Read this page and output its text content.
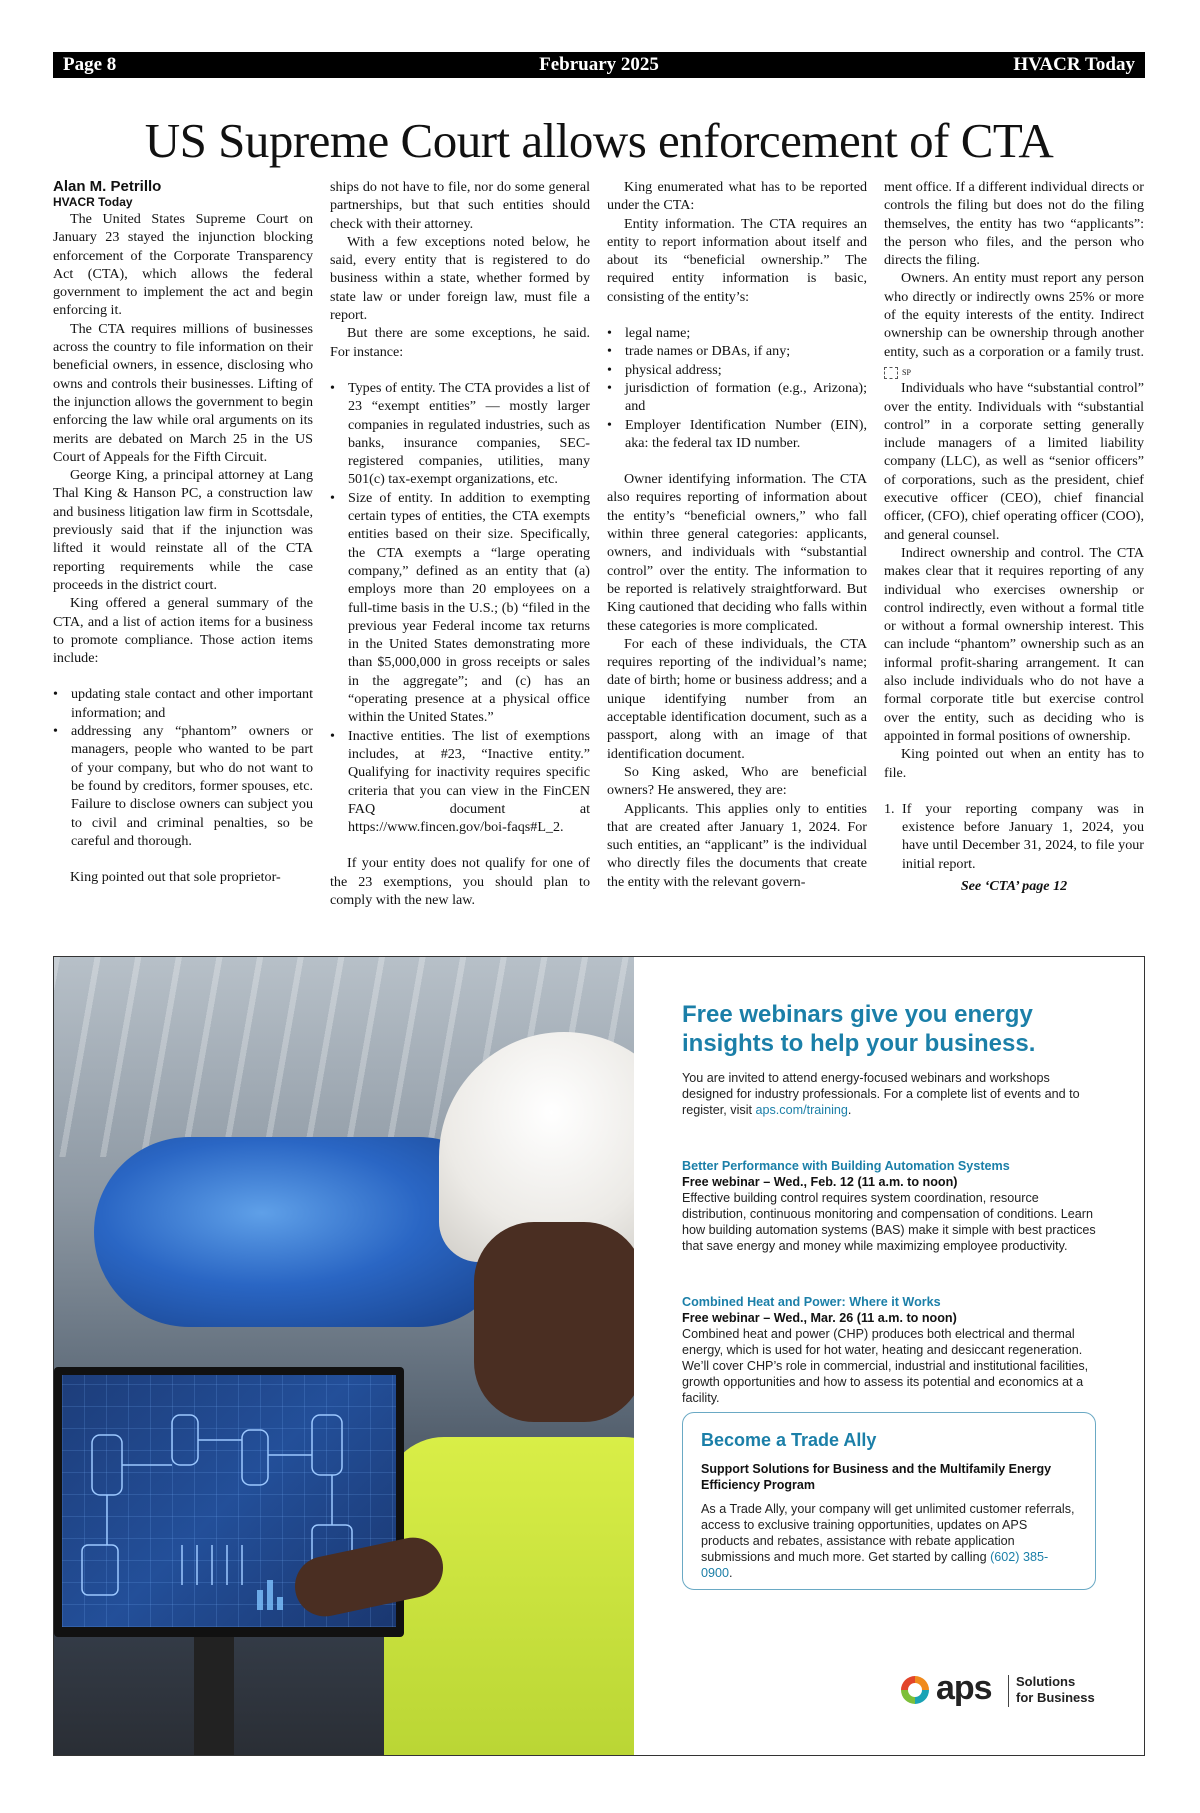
Page 8	February 2025	HVACR Today
US Supreme Court allows enforcement of CTA
Alan M. Petrillo
HVACR Today

The United States Supreme Court on January 23 stayed the injunction blocking enforcement of the Corporate Transparency Act (CTA), which allows the federal government to implement the act and begin enforcing it.

The CTA requires millions of businesses across the country to file information on their beneficial owners, in essence, disclosing who owns and controls their businesses. Lifting of the injunction allows the government to begin enforcing the law while oral arguments on its merits are debated on March 25 in the US Court of Appeals for the Fifth Circuit.

George King, a principal attorney at Lang Thal King & Hanson PC, a construction law and business litigation law firm in Scottsdale, previously said that if the injunction was lifted it would reinstate all of the CTA reporting requirements while the case proceeds in the district court.

King offered a general summary of the CTA, and a list of action items for a business to promote compliance. Those action items include:

• updating stale contact and other important information; and
• addressing any “phantom” owners or managers, people who wanted to be part of your company, but who do not want to be found by creditors, former spouses, etc. Failure to disclose owners can subject you to civil and criminal penalties, so be careful and thorough.

King pointed out that sole proprietor-

ships do not have to file, nor do some general partnerships, but that such entities should check with their attorney.

With a few exceptions noted below, he said, every entity that is registered to do business within a state, whether formed by state law or under foreign law, must file a report.

But there are some exceptions, he said. For instance:

• Types of entity. The CTA provides a list of 23 “exempt entities” — mostly larger companies in regulated industries, such as banks, insurance companies, SEC-registered companies, utilities, many 501(c) tax-exempt organizations, etc.
• Size of entity. In addition to exempting certain types of entities, the CTA exempts entities based on their size. Specifically, the CTA exempts a “large operating company,” defined as an entity that (a) employs more than 20 employees on a full-time basis in the U.S.; (b) “filed in the previous year Federal income tax returns in the United States demonstrating more than $5,000,000 in gross receipts or sales in the aggregate”; and (c) has an “operating presence at a physical office within the United States.”
• Inactive entities. The list of exemptions includes, at #23, “Inactive entity.” Qualifying for inactivity requires specific criteria that you can view in the FinCEN FAQ document at https://www.fincen.gov/boi-faqs#L_2.

If your entity does not qualify for one of the 23 exemptions, you should plan to comply with the new law.

King enumerated what has to be reported under the CTA:

Entity information. The CTA requires an entity to report information about itself and about its “beneficial ownership.” The required entity information is basic, consisting of the entity’s:

• legal name;
• trade names or DBAs, if any;
• physical address;
• jurisdiction of formation (e.g., Arizona); and
• Employer Identification Number (EIN), aka: the federal tax ID number.

Owner identifying information. The CTA also requires reporting of information about the entity’s “beneficial owners,” who fall within three general categories: applicants, owners, and individuals with “substantial control” over the entity. The information to be reported is relatively straightforward. But King cautioned that deciding who falls within these categories is more complicated.

For each of these individuals, the CTA requires reporting of the individual’s name; date of birth; home or business address; and a unique identifying number from an acceptable identification document, such as a passport, along with an image of that identification document.

So King asked, Who are beneficial owners? He answered, they are:

Applicants. This applies only to entities that are created after January 1, 2024. For such entities, an “applicant” is the individual who directly files the documents that create the entity with the relevant govern-

ment office. If a different individual directs or controls the filing but does not do the filing themselves, the entity has two “applicants”: the person who files, and the person who directs the filing.

Owners. An entity must report any person who directly or indirectly owns 25% or more of the equity interests of the entity. Indirect ownership can be ownership through another entity, such as a corporation or a family trust.SP

Individuals who have “substantial control” over the entity. Individuals with “substantial control” in a corporate setting generally include managers of a limited liability company (LLC), as well as “senior officers” of corporations, such as the president, chief executive officer (CEO), chief financial officer, (CFO), chief operating officer (COO), and general counsel.

Indirect ownership and control. The CTA makes clear that it requires reporting of any individual who exercises ownership or control indirectly, even without a formal title or without a formal ownership interest. This can include “phantom” ownership such as an informal profit-sharing arrangement. It can also include individuals who do not have a formal corporate title but exercise control over the entity, such as deciding who is appointed in formal positions of ownership.

King pointed out when an entity has to file.

1. If your reporting company was in existence before January 1, 2024, you have until December 31, 2024, to file your initial report.
See ‘CTA’ page 12
Free webinars give you energy insights to help your business.
You are invited to attend energy-focused webinars and workshops designed for industry professionals. For a complete list of events and to register, visit aps.com/training.
Better Performance with Building Automation Systems
Free webinar – Wed., Feb. 12 (11 a.m. to noon)
Effective building control requires system coordination, resource distribution, continuous monitoring and compensation of conditions. Learn how building automation systems (BAS) make it simple with best practices that save energy and money while maximizing employee productivity.
Combined Heat and Power: Where it Works
Free webinar – Wed., Mar. 26 (11 a.m. to noon)
Combined heat and power (CHP) produces both electrical and thermal energy, which is used for hot water, heating and desiccant regeneration. We’ll cover CHP’s role in commercial, industrial and institutional facilities, growth opportunities and how to assess its potential and economics at a facility.
Become a Trade Ally
Support Solutions for Business and the Multifamily Energy Efficiency Program
As a Trade Ally, your company will get unlimited customer referrals, access to exclusive training opportunities, updates on APS products and rebates, assistance with rebate application submissions and much more. Get started by calling (602) 385-0900.
aps Solutions
for Business
